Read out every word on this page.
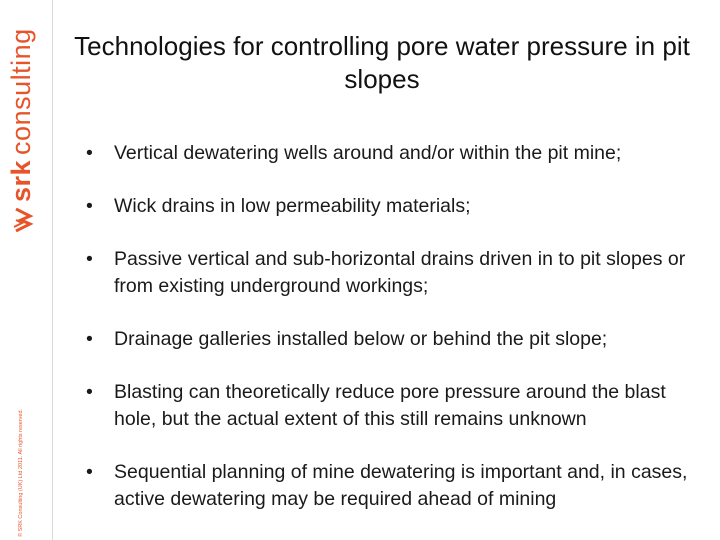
srkconsulting
© SRK Consulting (UK) Ltd 2011. All rights reserved.
Technologies for controlling pore water pressure in pit slopes
• Vertical dewatering wells around and/or within the pit mine;
• Wick drains in low permeability materials;
• Passive vertical and sub-horizontal drains driven in to pit slopes or from existing underground workings;
• Drainage galleries installed below or behind the pit slope;
• Blasting can theoretically reduce pore pressure around the blast hole, but the actual extent of this still remains unknown
• Sequential planning of mine dewatering is important and, in cases, active dewatering may be required ahead of mining
